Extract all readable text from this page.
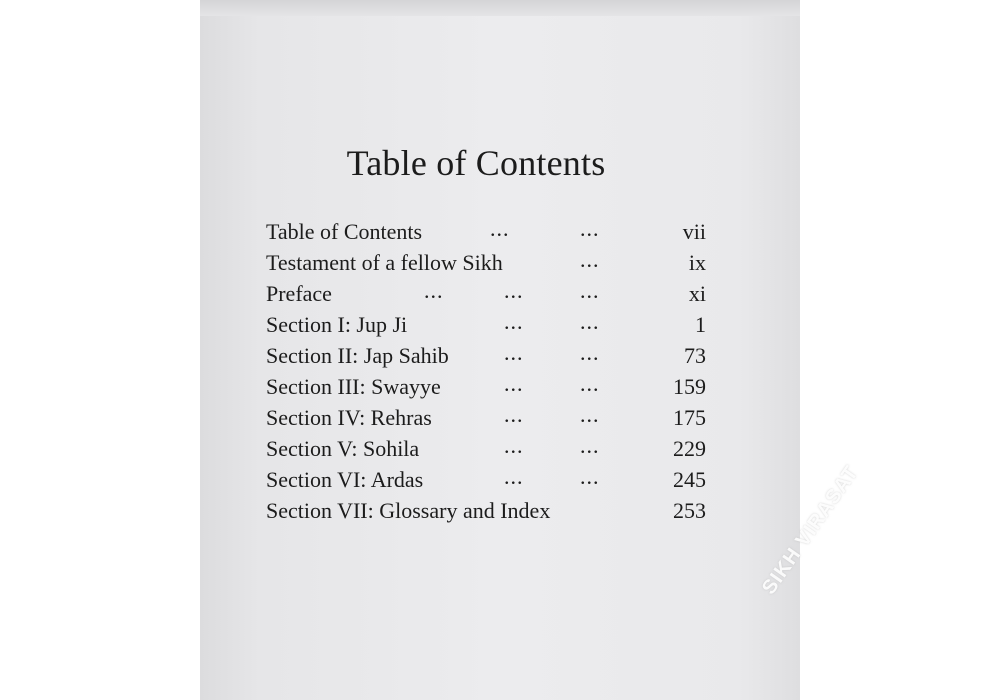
Table of Contents
Table of Contents	...	...	vii
Testament of a fellow Sikh	...	ix
Preface	...	...	...	xi
Section I: Jup Ji	...	...	1
Section II: Jap Sahib	...	...	73
Section III: Swayye	...	...	159
Section IV: Rehras	...	...	175
Section V: Sohila	...	...	229
Section VI: Ardas	...	...	245
Section VII: Glossary and Index	253	SIKH VIRASAT
